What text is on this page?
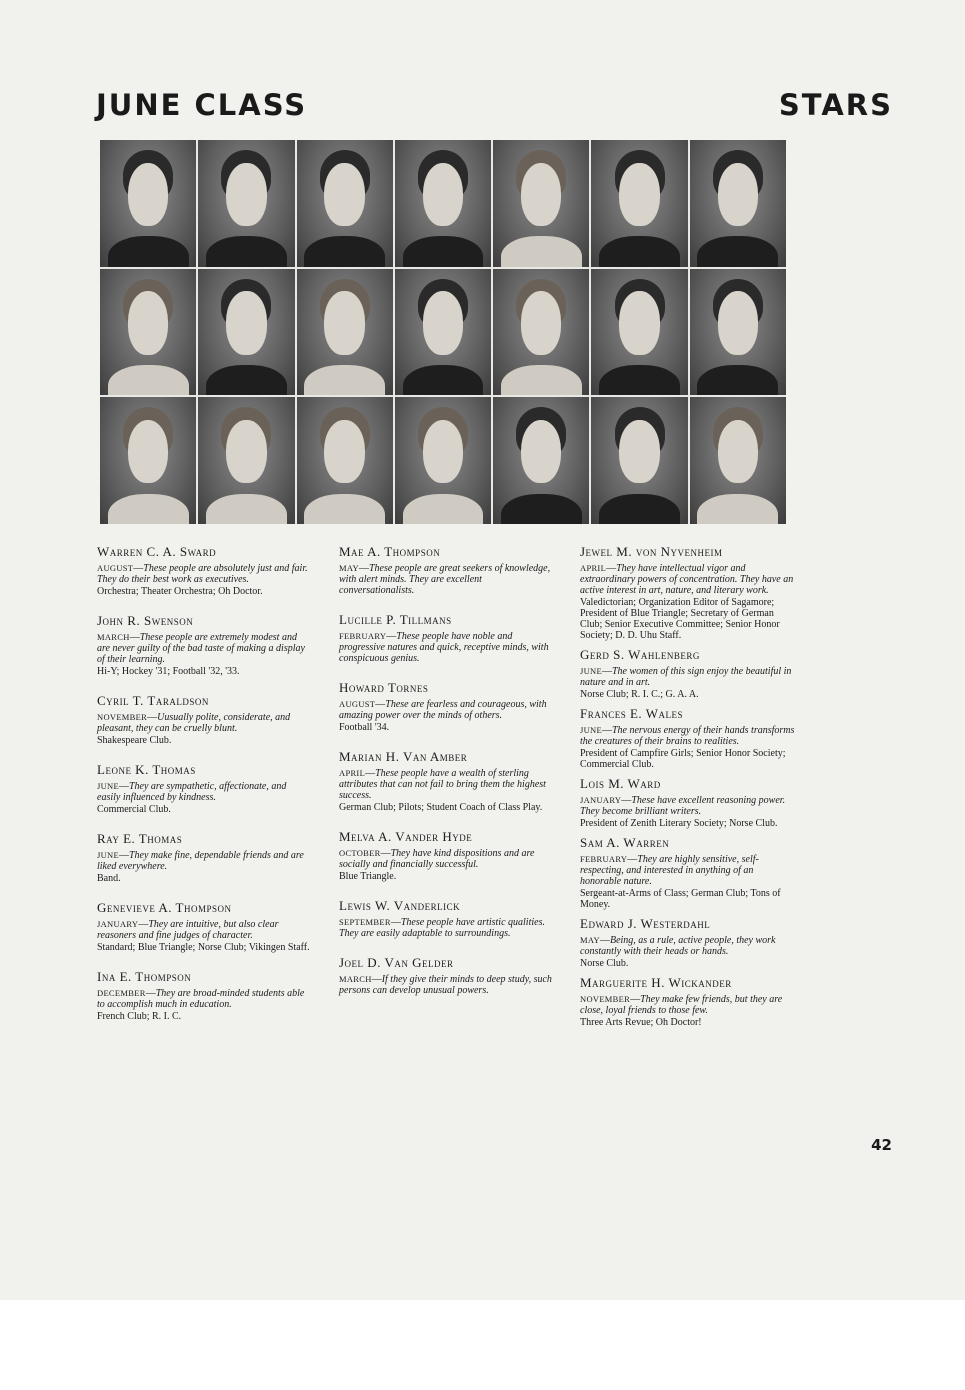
JUNE CLASS	STARS
Warren C. A. Sward
AUGUST—These people are absolutely just and fair. They do their best work as executives.
Orchestra; Theater Orchestra; Oh Doctor.
John R. Swenson
MARCH—These people are extremely modest and are never guilty of the bad taste of making a display of their learning.
Hi-Y; Hockey '31; Football '32, '33.
Cyril T. Taraldson
NOVEMBER—Uusually polite, considerate, and pleasant, they can be cruelly blunt.
Shakespeare Club.
Leone K. Thomas
JUNE—They are sympathetic, affectionate, and easily influenced by kindness.
Commercial Club.
Ray E. Thomas
JUNE—They make fine, dependable friends and are liked everywhere.
Band.
Genevieve A. Thompson
JANUARY—They are intuitive, but also clear reasoners and fine judges of character.
Standard; Blue Triangle; Norse Club; Vikingen Staff.
Ina E. Thompson
DECEMBER—They are broad-minded students able to accomplish much in education.
French Club; R. I. C.
Mae A. Thompson
MAY—These people are great seekers of knowledge, with alert minds. They are excellent conversationalists.
Lucille P. Tillmans
FEBRUARY—These people have noble and progressive natures and quick, receptive minds, with conspicuous genius.
Howard Tornes
AUGUST—These are fearless and courageous, with amazing power over the minds of others.
Football '34.
Marian H. Van Amber
APRIL—These people have a wealth of sterling attributes that can not fail to bring them the highest success.
German Club; Pilots; Student Coach of Class Play.
Melva A. Vander Hyde
OCTOBER—They have kind dispositions and are socially and financially successful.
Blue Triangle.
Lewis W. Vanderlick
SEPTEMBER—These people have artistic qualities. They are easily adaptable to surroundings.
Joel D. Van Gelder
MARCH—If they give their minds to deep study, such persons can develop unusual powers.
Jewel M. von Nyvenheim
APRIL—They have intellectual vigor and extraordinary powers of concentration. They have an active interest in art, nature, and literary work.
Valedictorian; Organization Editor of Sagamore; President of Blue Triangle; Secretary of German Club; Senior Executive Committee; Senior Honor Society; D. D. Uhu Staff.
Gerd S. Wahlenberg
JUNE—The women of this sign enjoy the beautiful in nature and in art.
Norse Club; R. I. C.; G. A. A.
Frances E. Wales
JUNE—The nervous energy of their hands transforms the creatures of their brains to realities.
President of Campfire Girls; Senior Honor Society; Commercial Club.
Lois M. Ward
JANUARY—These have excellent reasoning power. They become brilliant writers.
President of Zenith Literary Society; Norse Club.
Sam A. Warren
FEBRUARY—They are highly sensitive, self-respecting, and interested in anything of an honorable nature.
Sergeant-at-Arms of Class; German Club; Tons of Money.
Edward J. Westerdahl
MAY—Being, as a rule, active people, they work constantly with their heads or hands.
Norse Club.
Marguerite H. Wickander
NOVEMBER—They make few friends, but they are close, loyal friends to those few.
Three Arts Revue; Oh Doctor!
42
